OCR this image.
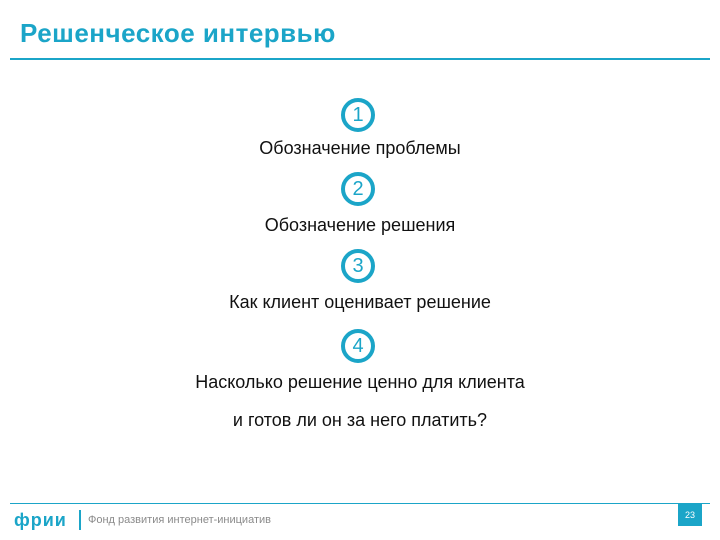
Решенческое интервью
1
Обозначение проблемы
2
Обозначение решения
3
Как клиент оценивает решение
4
Насколько решение ценно для клиента
и готов ли он за него платить?
фрии Фонд развития интернет-инициатив	23
